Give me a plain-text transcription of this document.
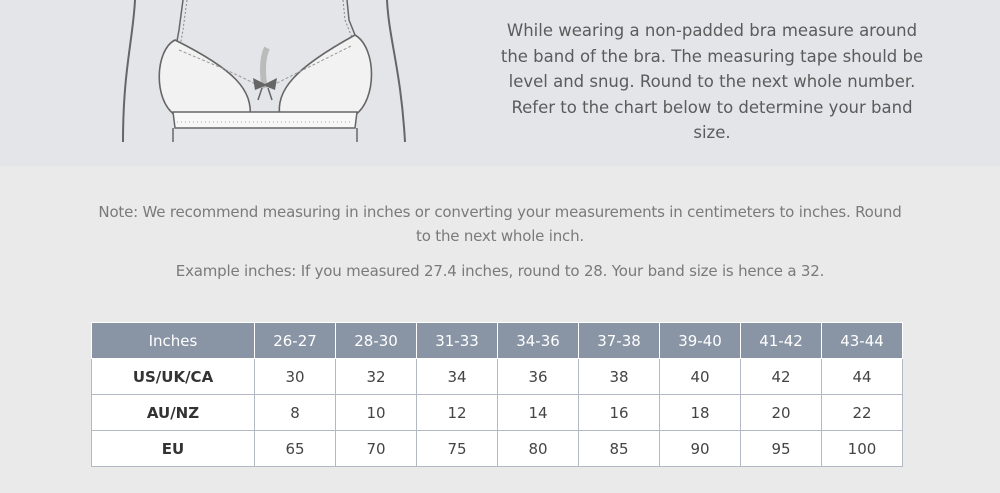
While wearing a non-padded bra measure around
the band of the bra. The measuring tape should be
level and snug. Round to the next whole number.
Refer to the chart below to determine your band
size.
Note: We recommend measuring in inches or converting your measurements in centimeters to inches. Round
to the next whole inch.
Example inches: If you measured 27.4 inches, round to 28. Your band size is hence a 32.
Inches	26-27	28-30	31-33	34-36	37-38	39-40	41-42	43-44
US/UK/CA	30	32	34	36	38	40	42	44
AU/NZ	8	10	12	14	16	18	20	22
EU	65	70	75	80	85	90	95	100
